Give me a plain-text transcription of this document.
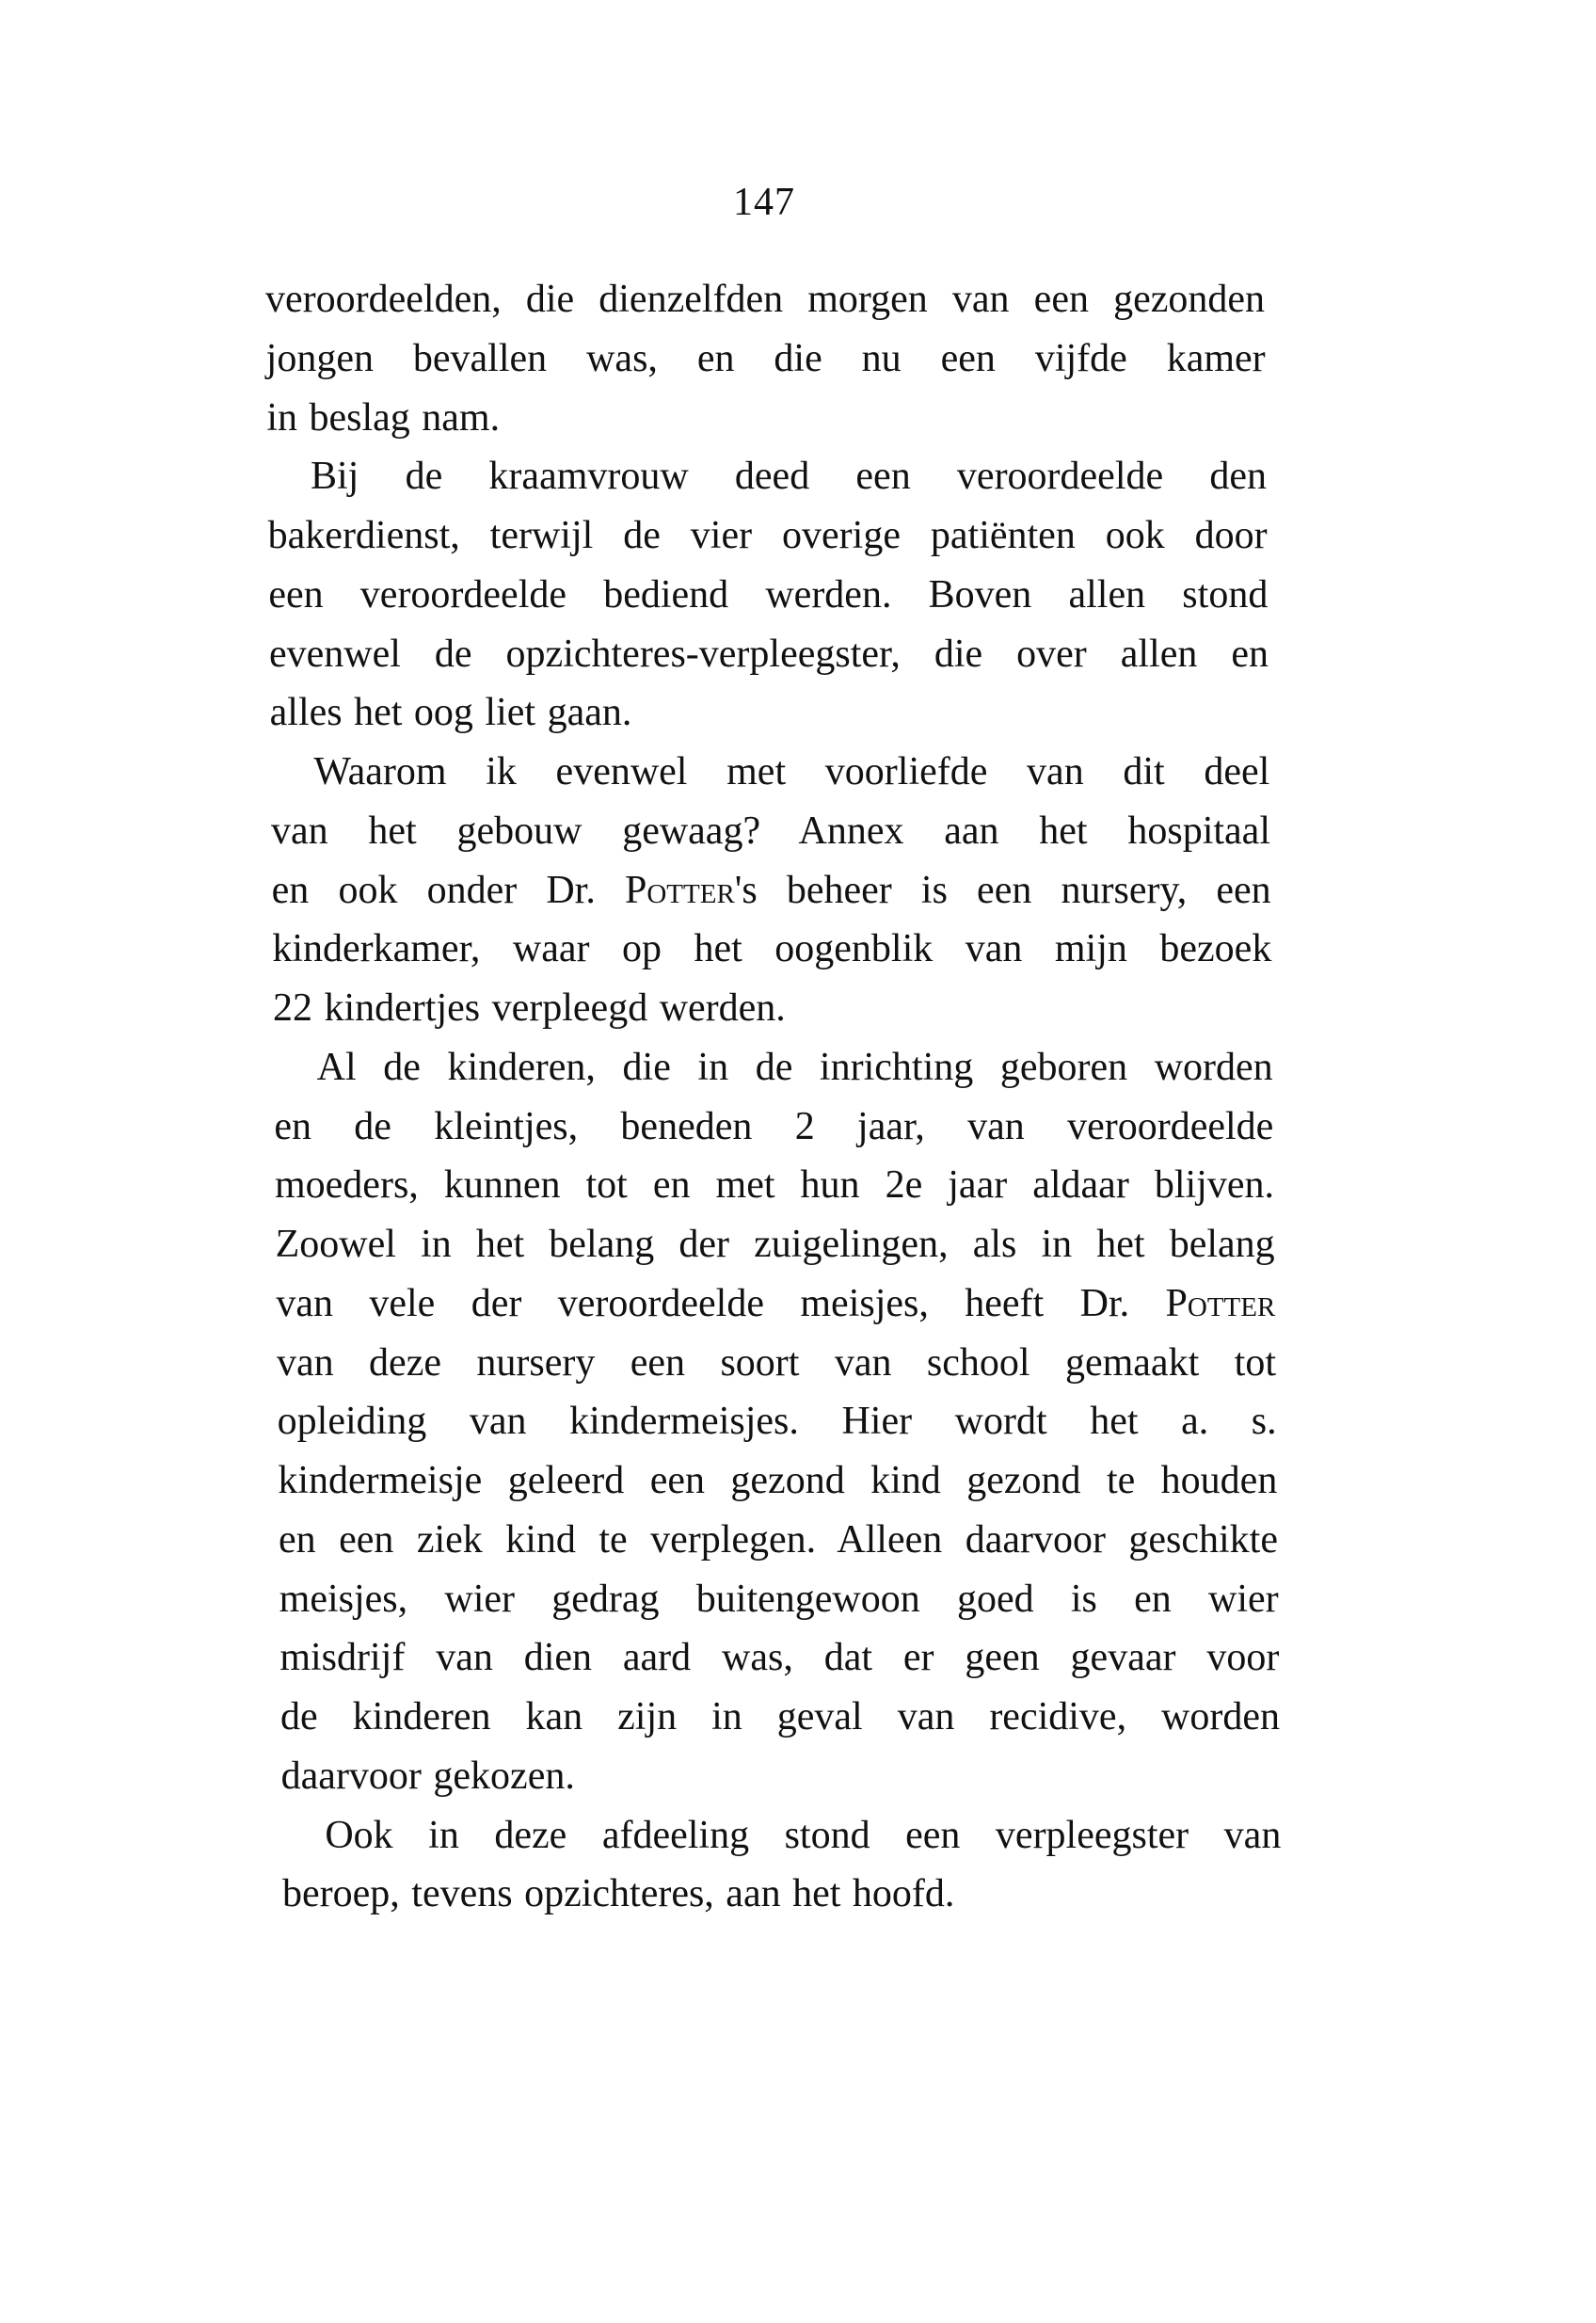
147
veroordeelden, die dienzelfden morgen van een gezonden
jongen bevallen was, en die nu een vijfde kamer
in beslag nam.
Bij de kraamvrouw deed een veroordeelde den
bakerdienst, terwijl de vier overige patiënten ook door
een veroordeelde bediend werden. Boven allen stond
evenwel de opzichteres-verpleegster, die over allen en
alles het oog liet gaan.
Waarom ik evenwel met voorliefde van dit deel
van het gebouw gewaag? Annex aan het hospitaal
en ook onder Dr. Potter's beheer is een nursery, een
kinderkamer, waar op het oogenblik van mijn bezoek
22 kindertjes verpleegd werden.
Al de kinderen, die in de inrichting geboren worden
en de kleintjes, beneden 2 jaar, van veroordeelde
moeders, kunnen tot en met hun 2e jaar aldaar blijven.
Zoowel in het belang der zuigelingen, als in het belang
van vele der veroordeelde meisjes, heeft Dr. Potter
van deze nursery een soort van school gemaakt tot
opleiding van kindermeisjes. Hier wordt het a. s.
kindermeisje geleerd een gezond kind gezond te houden
en een ziek kind te verplegen. Alleen daarvoor geschikte
meisjes, wier gedrag buitengewoon goed is en wier
misdrijf van dien aard was, dat er geen gevaar voor
de kinderen kan zijn in geval van recidive, worden
daarvoor gekozen.
Ook in deze afdeeling stond een verpleegster van
beroep, tevens opzichteres, aan het hoofd.
